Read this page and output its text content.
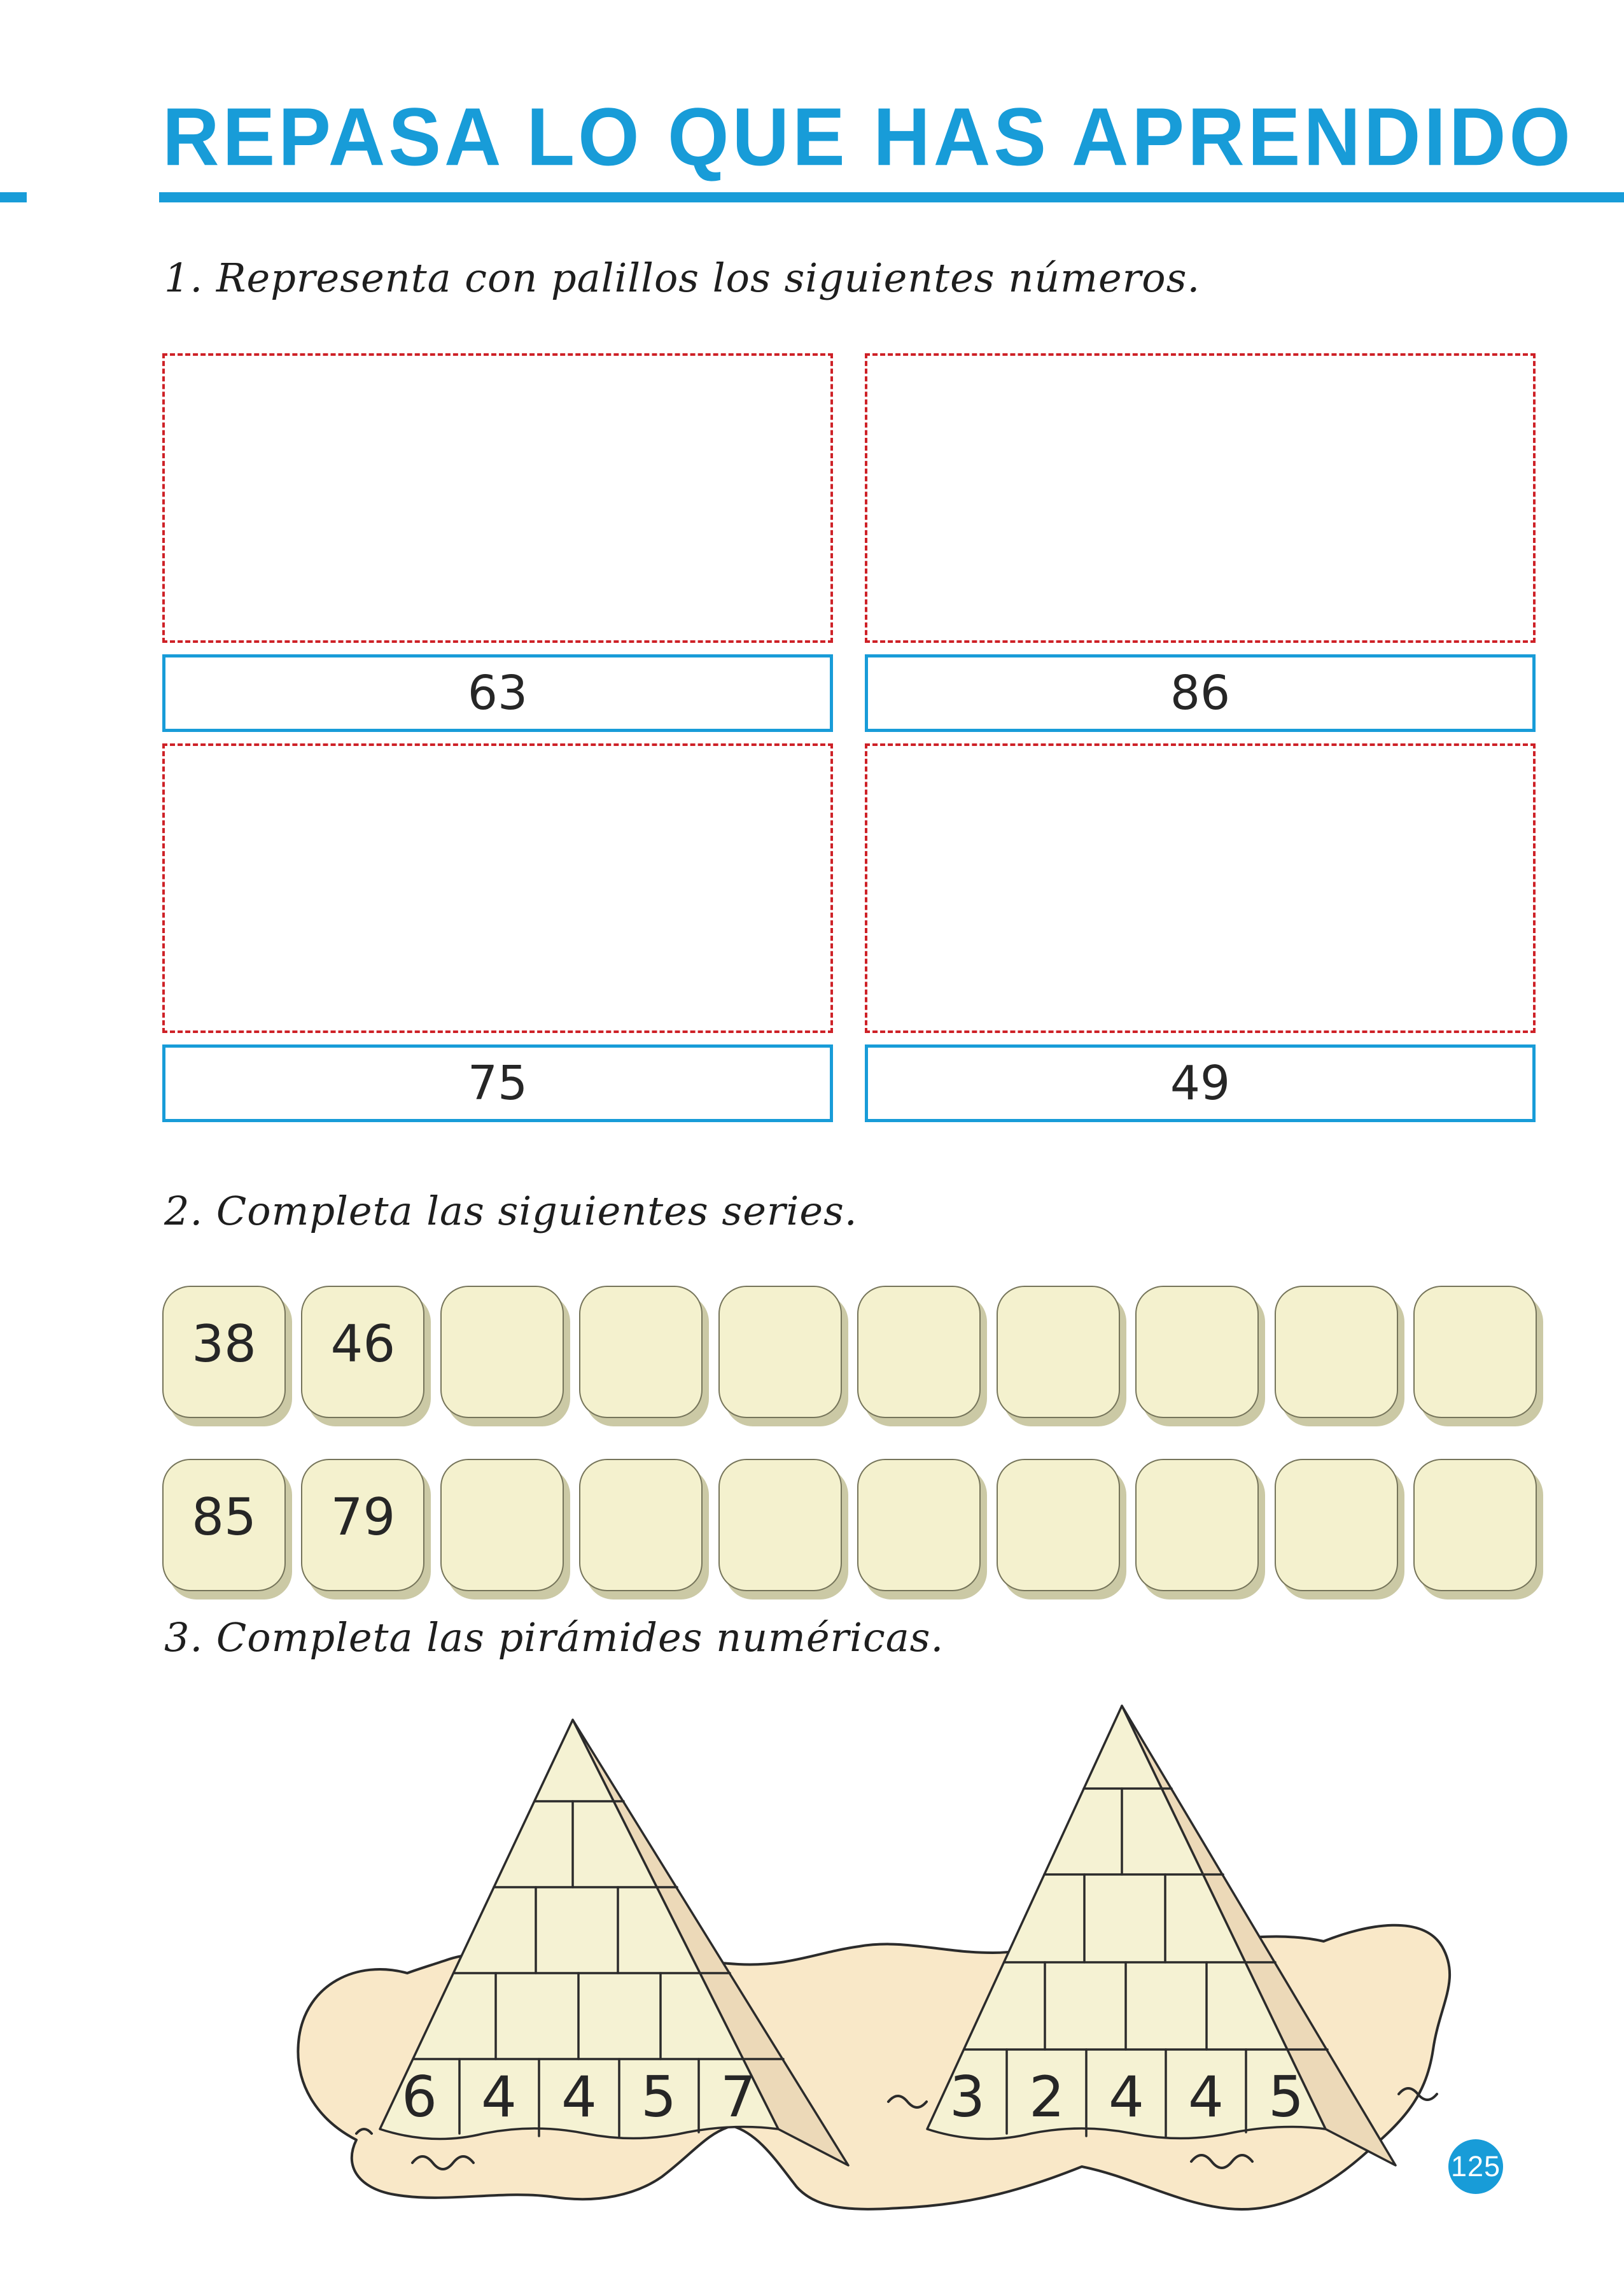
REPASA LO QUE HAS APRENDIDO
1. Representa con palillos los siguientes números.
63	86
75	49
2. Completa las siguientes series.
38	46
85	79
3. Completa las pirámides numéricas.
6 4 4 5 7	3 2 4 4 5
125
